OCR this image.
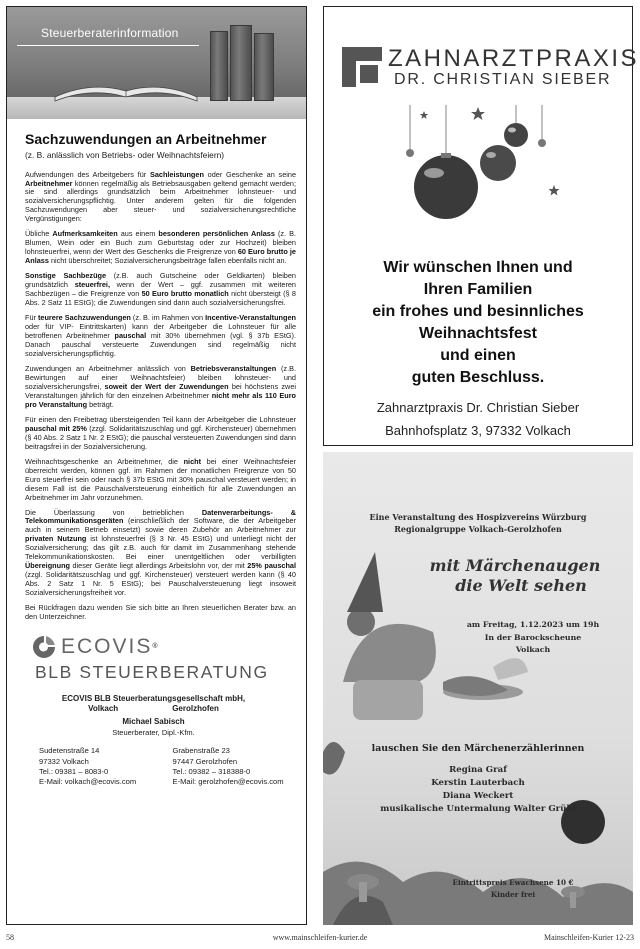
Steuerberaterinformation
Sachzuwendungen an Arbeitnehmer
(z. B. anlässlich von Betriebs- oder Weihnachtsfeiern)

Aufwendungen des Arbeitgebers für Sachleistungen oder Geschenke an seine Arbeitnehmer können regelmäßig als Betriebsausgaben geltend gemacht werden; sie sind allerdings grundsätzlich beim Arbeitnehmer lohnsteuer- und sozialversicherungspflichtig. Unter anderem gelten für die folgenden Sachzuwendungen aber steuer- und sozialversicherungsrechtliche Vergünstigungen:

Übliche Aufmerksamkeiten aus einem besonderen persönlichen Anlass (z. B. Blumen, Wein oder ein Buch zum Geburtstag oder zur Hochzeit) bleiben lohnsteuerfrei, wenn der Wert des Geschenks die Freigrenze von 60 Euro brutto je Anlass nicht überschreitet; Sozialversicherungsbeiträge fallen ebenfalls nicht an.

Sonstige Sachbezüge (z.B. auch Gutscheine oder Geldkarten) bleiben grundsätzlich steuerfrei, wenn der Wert – ggf. zusammen mit weiteren Sachbezügen – die Freigrenze von 50 Euro brutto monatlich nicht übersteigt (§ 8 Abs. 2 Satz 11 EStG); die Zuwendungen sind dann auch sozialversicherungsfrei.

Für teurere Sachzuwendungen (z. B. im Rahmen von Incentive-Veranstaltungen oder für VIP- Eintrittskarten) kann der Arbeitgeber die Lohnsteuer für alle betroffenen Arbeitnehmer pauschal mit 30% übernehmen (vgl. § 37b EStG). Danach pauschal versteuerte Zuwendungen sind regelmäßig nicht sozialversicherungspflichtig.

Zuwendungen an Arbeitnehmer anlässlich von Betriebsveranstaltungen (z.B. Bewirtungen auf einer Weihnachtsfeier) bleiben lohnsteuer- und sozialversicherungsfrei, soweit der Wert der Zuwendungen bei höchstens zwei Veranstaltungen jährlich für den einzelnen Arbeitnehmer nicht mehr als 110 Euro pro Veranstaltung beträgt.

Für einen den Freibetrag übersteigenden Teil kann der Arbeitgeber die Lohnsteuer pauschal mit 25% (zzgl. Solidaritätszuschlag und ggf. Kirchensteuer) übernehmen (§ 40 Abs. 2 Satz 1 Nr. 2 EStG); die pauschal versteuerten Zuwendungen sind dann beitragsfrei in der Sozialversicherung.

Weihnachtsgeschenke an Arbeitnehmer, die nicht bei einer Weihnachtsfeier überreicht werden, können ggf. im Rahmen der monatlichen Freigrenze von 50 Euro steuerfrei sein oder nach § 37b EStG mit 30% pauschal versteuert werden; in diesem Fall ist die Pauschalversteuerung einheitlich für alle Zuwendungen an Arbeitnehmer im Jahr vorzunehmen.

Die Überlassung von betrieblichen Datenverarbeitungs- & Telekommunikationsgeräten (einschließlich der Software, die der Arbeitgeber auch in seinem Betrieb einsetzt) sowie deren Zubehör an Arbeitnehmer zur privaten Nutzung ist lohnsteuerfrei (§ 3 Nr. 45 EStG) und unterliegt nicht der Sozialversicherung; das gilt z.B. auch für damit im Zusammenhang stehende Telekommunikationskosten. Bei einer unentgeltlichen oder verbilligten Übereignung dieser Geräte liegt allerdings Arbeitslohn vor, der mit 25% pauschal (zzgl. Solidaritätszuschlag und ggf. Kirchensteuer) versteuert werden kann (§ 40 Abs. 2 Satz 1 Nr. 5 EStG); bei Pauschalversteuerung liegt insoweit Sozialversicherungsfreiheit vor.

Bei Rückfragen dazu wenden Sie sich bitte an Ihren steuerlichen Berater bzw. an den Unterzeichner.

ECOVIS ®
BLB STEUERBERATUNG
ECOVIS BLB Steuerberatungsgesellschaft mbH,
Volkach	Gerolzhofen
Michael Sabisch
Steuerberater, Dipl.-Kfm.
Sudetenstraße 14
97332 Volkach
Tel.: 09381 – 8083-0
E-Mail: volkach@ecovis.com
Grabenstraße 23
97447 Gerolzhofen
Tel.: 09382 – 318388-0
E-Mail: gerolzhofen@ecovis.com
ZAHNARZTPRAXIS
DR. CHRISTIAN SIEBER
Wir wünschen Ihnen und
Ihren Familien
ein frohes und besinnliches
Weihnachtsfest
und einen
guten Beschluss.
Zahnarztpraxis Dr. Christian Sieber
Bahnhofsplatz 3, 97332 Volkach
Eine Veranstaltung des Hospizvereins Würzburg
Regionalgruppe Volkach-Gerolzhofen
mit Märchenaugen
die Welt sehen
am Freitag, 1.12.2023 um 19h
In der Barockscheune
Volkach
lauschen Sie den Märchenerzählerinnen
Regina Graf
Kerstin Lauterbach
Diana Weckert
musikalische Untermalung Walter Grübl
Eintrittspreis Ewachsene 10 €
Kinder frei
58	www.mainschleifen-kurier.de	Mainschleifen-Kurier 12-23
